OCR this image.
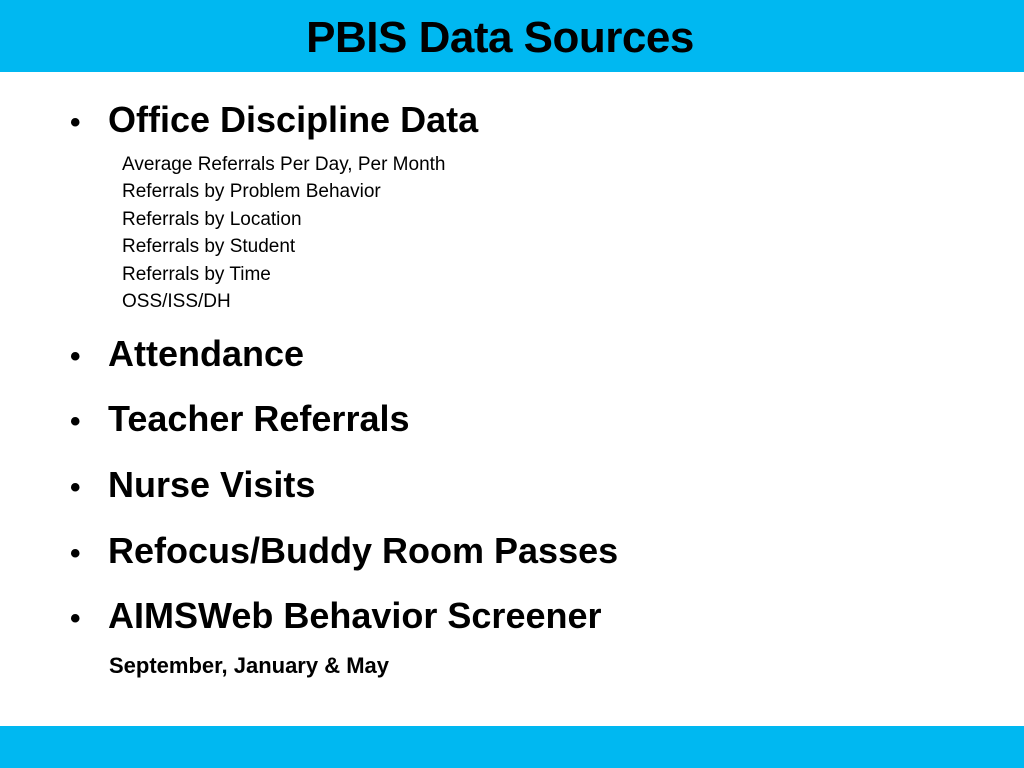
PBIS Data Sources

• Office Discipline Data

Average Referrals Per Day, Per Month
Referrals by Problem Behavior
Referrals by Location
Referrals by Student
Referrals by Time
OSS/ISS/DH

• Attendance

• Teacher Referrals

• Nurse Visits

• Refocus/Buddy Room Passes

• AIMSWeb Behavior Screener

September, January & May
